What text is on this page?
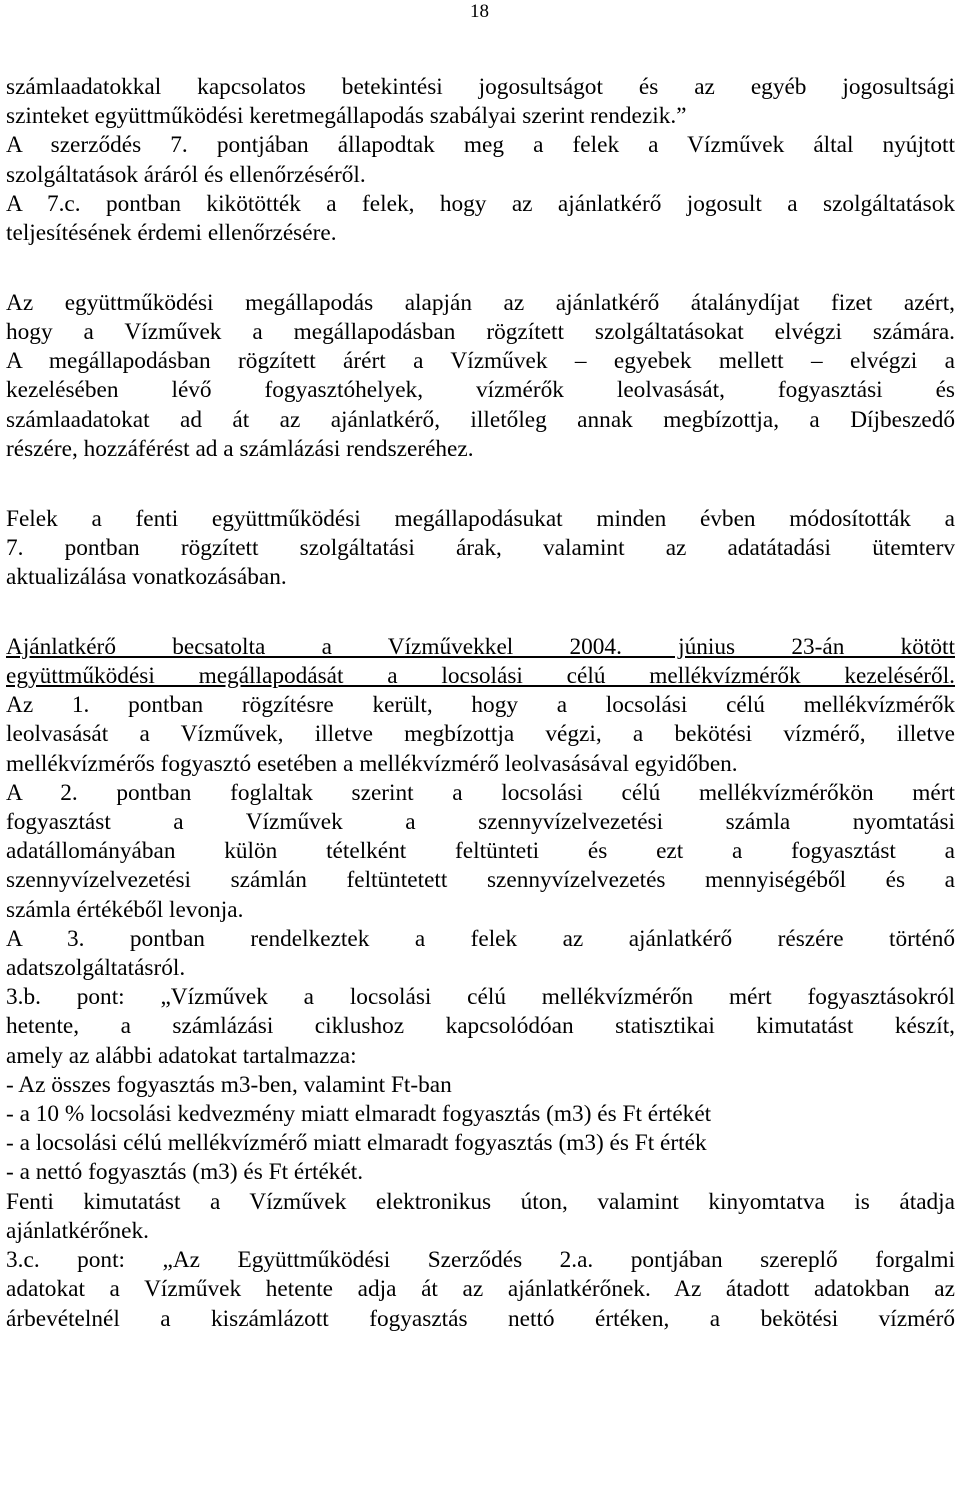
18
számlaadatokkal kapcsolatos betekintési jogosultságot és az egyéb jogosultsági
szinteket együttműködési keretmegállapodás szabályai szerint rendezik.”
A szerződés 7. pontjában állapodtak meg a felek a Vízművek által nyújtott
szolgáltatások áráról és ellenőrzéséről.
A 7.c. pontban kikötötték a felek, hogy az ajánlatkérő jogosult a szolgáltatások
teljesítésének érdemi ellenőrzésére.
Az együttműködési megállapodás alapján az ajánlatkérő átalánydíjat fizet azért,
hogy a Vízművek a megállapodásban rögzített szolgáltatásokat elvégzi számára.
A megállapodásban rögzített árért a Vízművek – egyebek mellett – elvégzi a
kezelésében lévő fogyasztóhelyek, vízmérők leolvasását, fogyasztási és
számlaadatokat ad át az ajánlatkérő, illetőleg annak megbízottja, a Díjbeszedő
részére, hozzáférést ad a számlázási rendszeréhez.
Felek a fenti együttműködési megállapodásukat minden évben módosították a
7. pontban rögzített szolgáltatási árak, valamint az adatátadási ütemterv
aktualizálása vonatkozásában.
Ajánlatkérő becsatolta a Vízművekkel 2004. június 23-án kötött
együttműködési megállapodását a locsolási célú mellékvízmérők kezeléséről.
Az 1. pontban rögzítésre került, hogy a locsolási célú mellékvízmérők
leolvasását a Vízművek, illetve megbízottja végzi, a bekötési vízmérő, illetve
mellékvízmérős fogyasztó esetében a mellékvízmérő leolvasásával egyidőben.
A 2. pontban foglaltak szerint a locsolási célú mellékvízmérőkön mért
fogyasztást a Vízművek a szennyvízelvezetési számla nyomtatási
adatállományában külön tételként feltünteti és ezt a fogyasztást a
szennyvízelvezetési számlán feltüntetett szennyvízelvezetés mennyiségéből és a
számla értékéből levonja.
A 3. pontban rendelkeztek a felek az ajánlatkérő részére történő
adatszolgáltatásról.
3.b. pont: „Vízművek a locsolási célú mellékvízmérőn mért fogyasztásokról
hetente, a számlázási ciklushoz kapcsolódóan statisztikai kimutatást készít,
amely az alábbi adatokat tartalmazza:
- Az összes fogyasztás m3-ben, valamint Ft-ban
- a 10 % locsolási kedvezmény miatt elmaradt fogyasztás (m3) és Ft értékét
- a locsolási célú mellékvízmérő miatt elmaradt fogyasztás (m3) és Ft érték
- a nettó fogyasztás (m3) és Ft értékét.
Fenti kimutatást a Vízművek elektronikus úton, valamint kinyomtatva is átadja
ajánlatkérőnek.
3.c. pont: „Az Együttműködési Szerződés 2.a. pontjában szereplő forgalmi
adatokat a Vízművek hetente adja át az ajánlatkérőnek. Az átadott adatokban az
árbevételnél a kiszámlázott fogyasztás nettó értéken, a bekötési vízmérő
